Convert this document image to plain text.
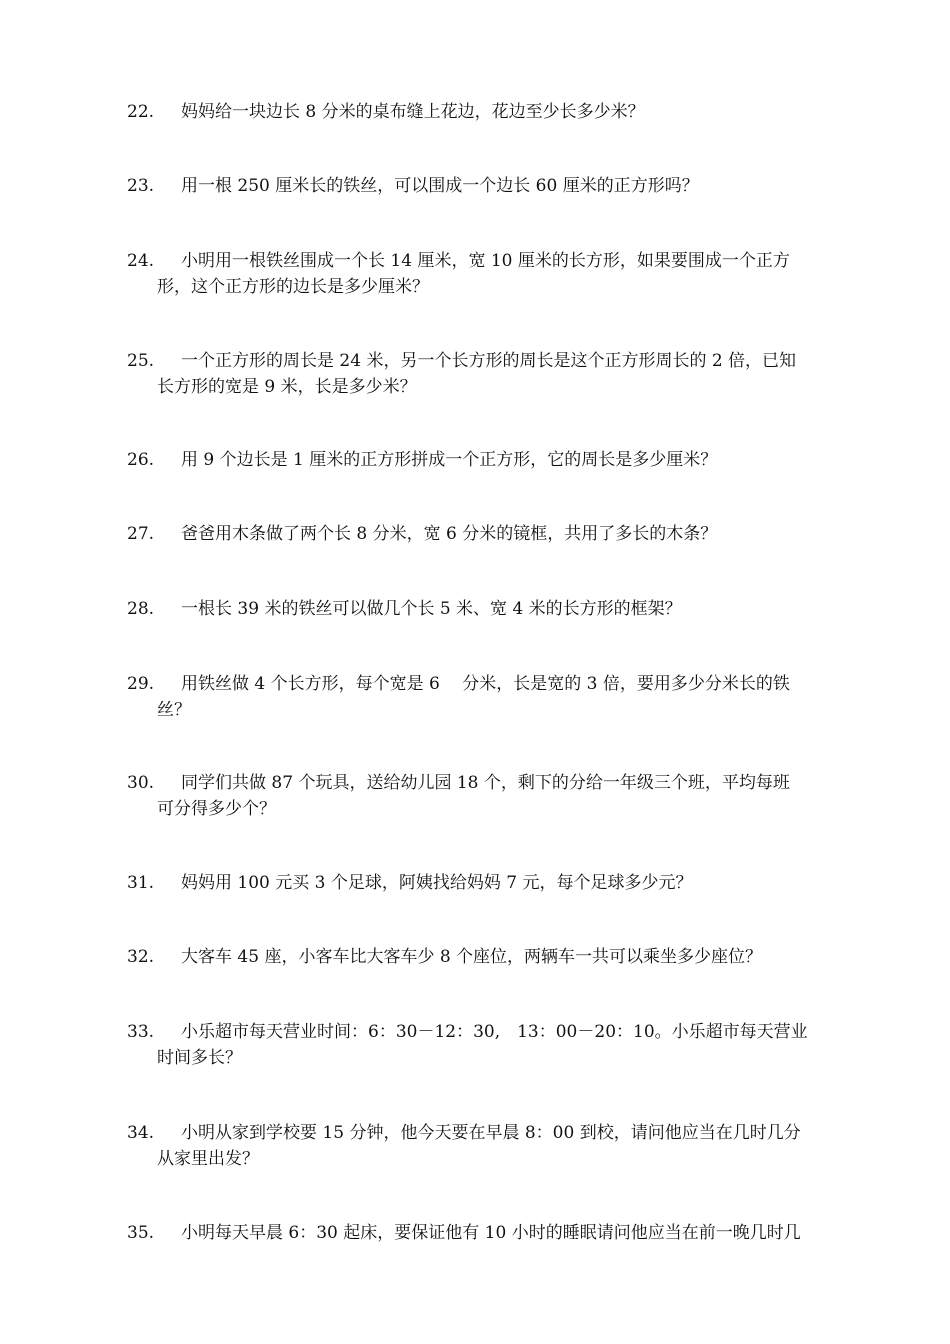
22.	妈妈给一块边长 8 分米的桌布缝上花边，花边至少长多少米？
23.	用一根 250 厘米长的铁丝，可以围成一个边长 60 厘米的正方形吗？
24.	小明用一根铁丝围成一个长 14 厘米，宽 10 厘米的长方形，如果要围成一个正方
形，这个正方形的边长是多少厘米？
25.	一个正方形的周长是 24 米，另一个长方形的周长是这个正方形周长的 2 倍，已知
长方形的宽是 9 米，长是多少米？
26.	用 9 个边长是 1 厘米的正方形拼成一个正方形，它的周长是多少厘米？
27.	爸爸用木条做了两个长 8 分米，宽 6 分米的镜框，共用了多长的木条？
28.	一根长 39 米的铁丝可以做几个长 5 米、宽 4 米的长方形的框架？
29.	用铁丝做 4 个长方形，每个宽是 6　 分米，长是宽的 3 倍，要用多少分米长的铁
丝？
30.	同学们共做 87 个玩具，送给幼儿园 18 个，剩下的分给一年级三个班，平均每班
可分得多少个？
31.	妈妈用 100 元买 3 个足球，阿姨找给妈妈 7 元，每个足球多少元？
32.	大客车 45 座，小客车比大客车少 8 个座位，两辆车一共可以乘坐多少座位？
33.	小乐超市每天营业时间：6：30－12：30,　13：00－20：10。小乐超市每天营业
时间多长？
34.	小明从家到学校要 15 分钟，他今天要在早晨 8：00 到校，请问他应当在几时几分
从家里出发？
35.	小明每天早晨 6：30 起床，要保证他有 10 小时的睡眠请问他应当在前一晚几时几
